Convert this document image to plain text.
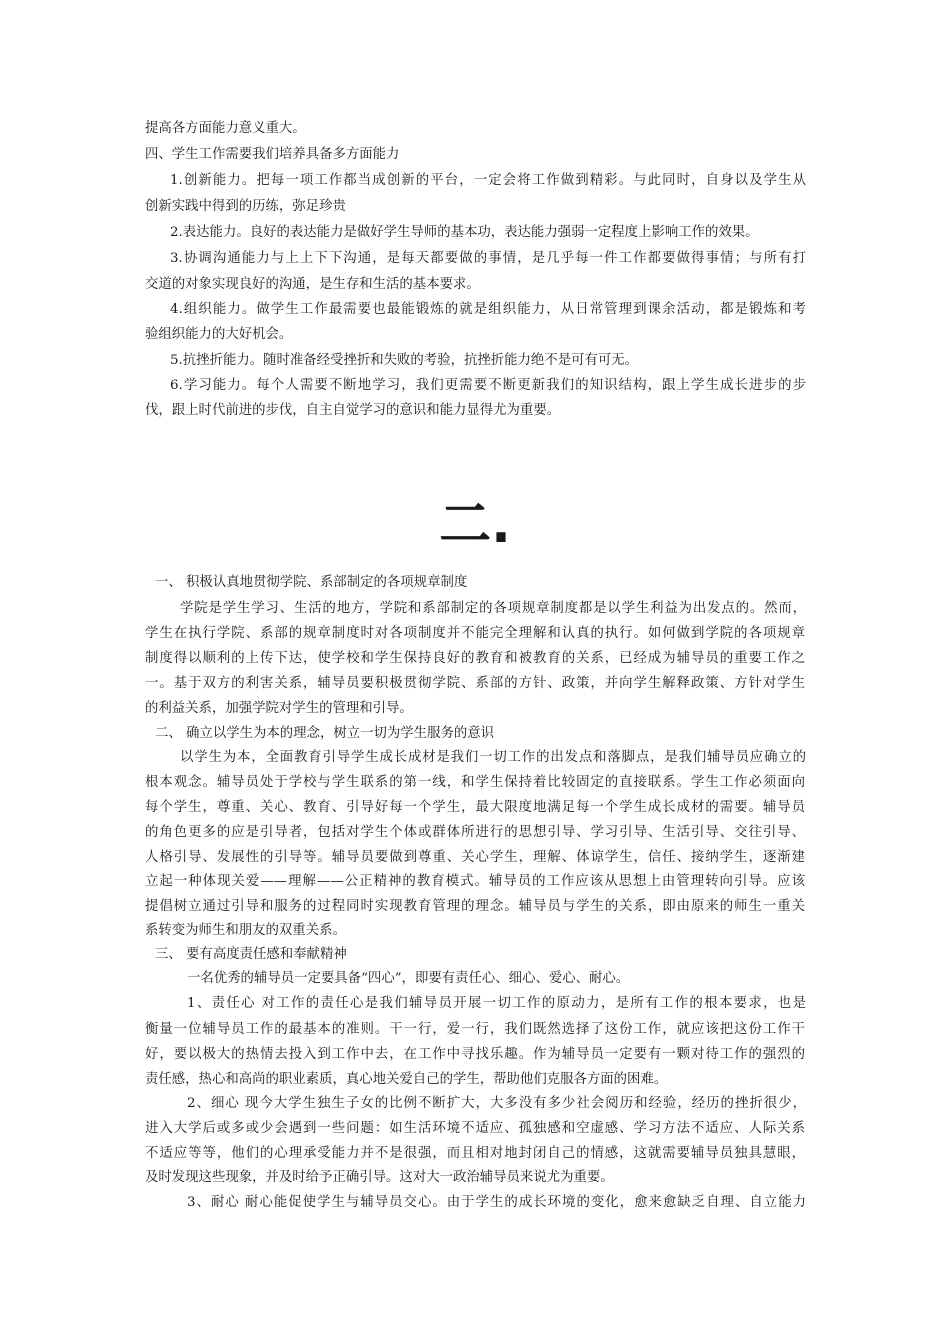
提高各方面能力意义重大。
四、学生工作需要我们培养具备多方面能力
1.创新能力。把每一项工作都当成创新的平台，一定会将工作做到精彩。与此同时，自身以及学生从
创新实践中得到的历练，弥足珍贵
2.表达能力。良好的表达能力是做好学生导师的基本功，表达能力强弱一定程度上影响工作的效果。
3.协调沟通能力与上上下下沟通，是每天都要做的事情，是几乎每一件工作都要做得事情；与所有打
交道的对象实现良好的沟通，是生存和生活的基本要求。
4.组织能力。做学生工作最需要也最能锻炼的就是组织能力，从日常管理到课余活动，都是锻炼和考
验组织能力的大好机会。
5.抗挫折能力。随时准备经受挫折和失败的考验，抗挫折能力绝不是可有可无。
6.学习能力。每个人需要不断地学习，我们更需要不断更新我们的知识结构，跟上学生成长进步的步
伐，跟上时代前进的步伐，自主自觉学习的意识和能力显得尤为重要。
二.
一、 积极认真地贯彻学院、系部制定的各项规章制度
学院是学生学习、生活的地方，学院和系部制定的各项规章制度都是以学生利益为出发点的。然而，
学生在执行学院、系部的规章制度时对各项制度并不能完全理解和认真的执行。如何做到学院的各项规章
制度得以顺利的上传下达，使学校和学生保持良好的教育和被教育的关系，已经成为辅导员的重要工作之
一。基于双方的利害关系，辅导员要积极贯彻学院、系部的方针、政策，并向学生解释政策、方针对学生
的利益关系，加强学院对学生的管理和引导。
二、 确立以学生为本的理念，树立一切为学生服务的意识
以学生为本，全面教育引导学生成长成材是我们一切工作的出发点和落脚点，是我们辅导员应确立的
根本观念。辅导员处于学校与学生联系的第一线，和学生保持着比较固定的直接联系。学生工作必须面向
每个学生，尊重、关心、教育、引导好每一个学生，最大限度地满足每一个学生成长成材的需要。辅导员
的角色更多的应是引导者，包括对学生个体或群体所进行的思想引导、学习引导、生活引导、交往引导、
人格引导、发展性的引导等。辅导员要做到尊重、关心学生，理解、体谅学生，信任、接纳学生，逐渐建
立起一种体现关爱——理解——公正精神的教育模式。辅导员的工作应该从思想上由管理转向引导。应该
提倡树立通过引导和服务的过程同时实现教育管理的理念。辅导员与学生的关系，即由原来的师生一重关
系转变为师生和朋友的双重关系。
三、 要有高度责任感和奉献精神
一名优秀的辅导员一定要具备“四心”，即要有责任心、细心、爱心、耐心。
1、责任心 对工作的责任心是我们辅导员开展一切工作的原动力，是所有工作的根本要求，也是
衡量一位辅导员工作的最基本的准则。干一行，爱一行，我们既然选择了这份工作，就应该把这份工作干
好，要以极大的热情去投入到工作中去，在工作中寻找乐趣。作为辅导员一定要有一颗对待工作的强烈的
责任感，热心和高尚的职业素质，真心地关爱自己的学生，帮助他们克服各方面的困难。
2、细心 现今大学生独生子女的比例不断扩大，大多没有多少社会阅历和经验，经历的挫折很少，
进入大学后或多或少会遇到一些问题：如生活环境不适应、孤独感和空虚感、学习方法不适应、人际关系
不适应等等，他们的心理承受能力并不是很强，而且相对地封闭自己的情感，这就需要辅导员独具慧眼，
及时发现这些现象，并及时给予正确引导。这对大一政治辅导员来说尤为重要。
3、耐心 耐心能促使学生与辅导员交心。由于学生的成长环境的变化，愈来愈缺乏自理、自立能力
